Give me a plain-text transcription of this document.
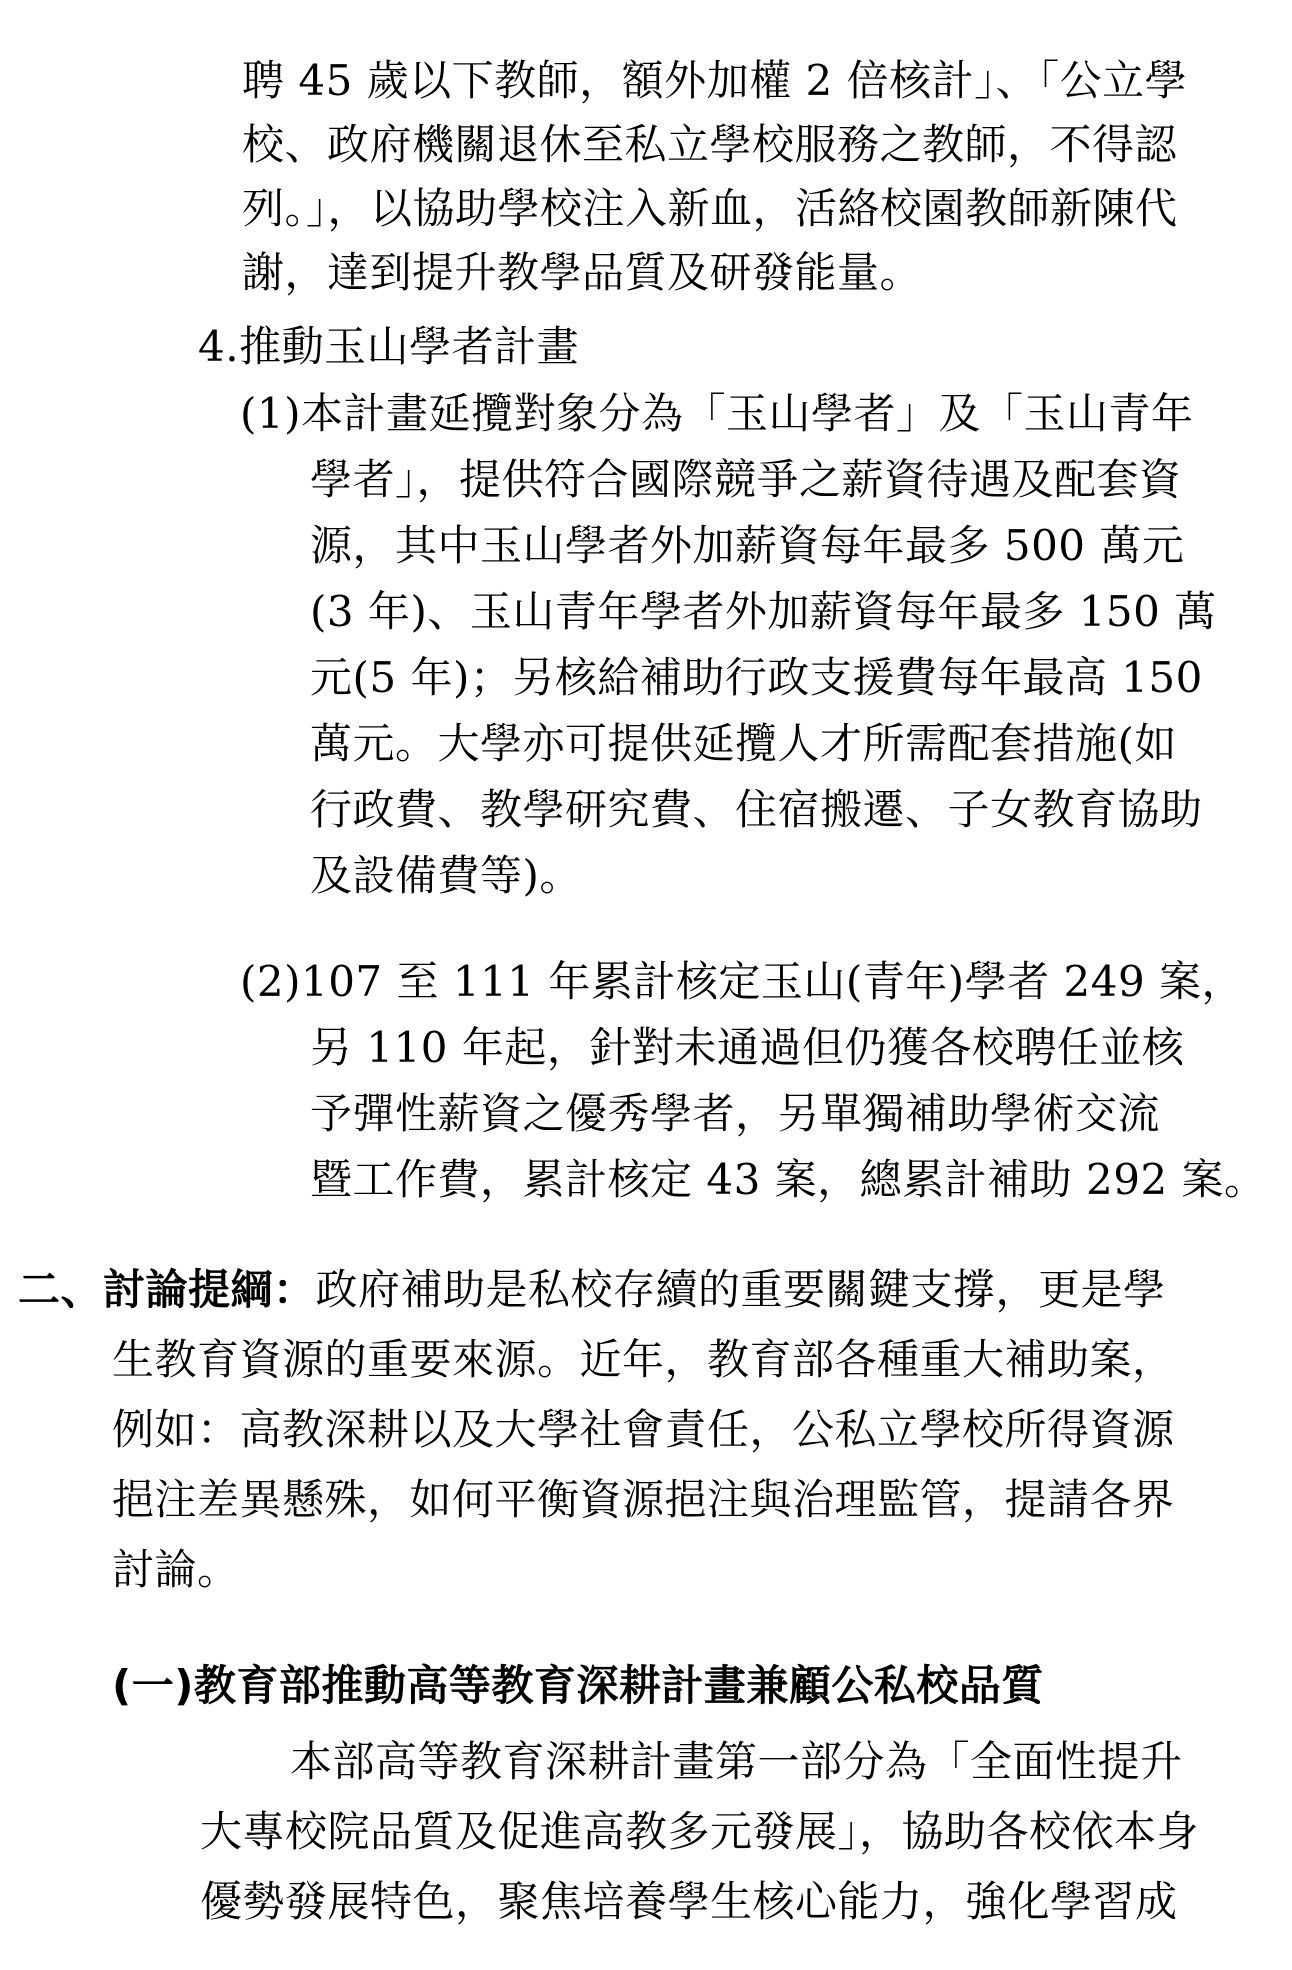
聘 45 歲以下教師，額外加權 2 倍核計」、「公立學
校、政府機關退休至私立學校服務之教師，不得認
列。」，以協助學校注入新血，活絡校園教師新陳代
謝，達到提升教學品質及研發能量。
4.推動玉山學者計畫
(1)本計畫延攬對象分為「玉山學者」及「玉山青年
學者」，提供符合國際競爭之薪資待遇及配套資
源，其中玉山學者外加薪資每年最多 500 萬元
(3 年)、玉山青年學者外加薪資每年最多 150 萬
元(5 年)；另核給補助行政支援費每年最高 150
萬元。大學亦可提供延攬人才所需配套措施(如
行政費、教學研究費、住宿搬遷、子女教育協助
及設備費等)。
(2)107 至 111 年累計核定玉山(青年)學者 249 案，
另 110 年起，針對未通過但仍獲各校聘任並核
予彈性薪資之優秀學者，另單獨補助學術交流
暨工作費，累計核定 43 案，總累計補助 292 案。
二、討論提綱：政府補助是私校存續的重要關鍵支撐，更是學
生教育資源的重要來源。近年，教育部各種重大補助案，
例如：高教深耕以及大學社會責任，公私立學校所得資源
挹注差異懸殊，如何平衡資源挹注與治理監管，提請各界
討論。
(一)教育部推動高等教育深耕計畫兼顧公私校品質
本部高等教育深耕計畫第一部分為「全面性提升
大專校院品質及促進高教多元發展」，協助各校依本身
優勢發展特色，聚焦培養學生核心能力，強化學習成
